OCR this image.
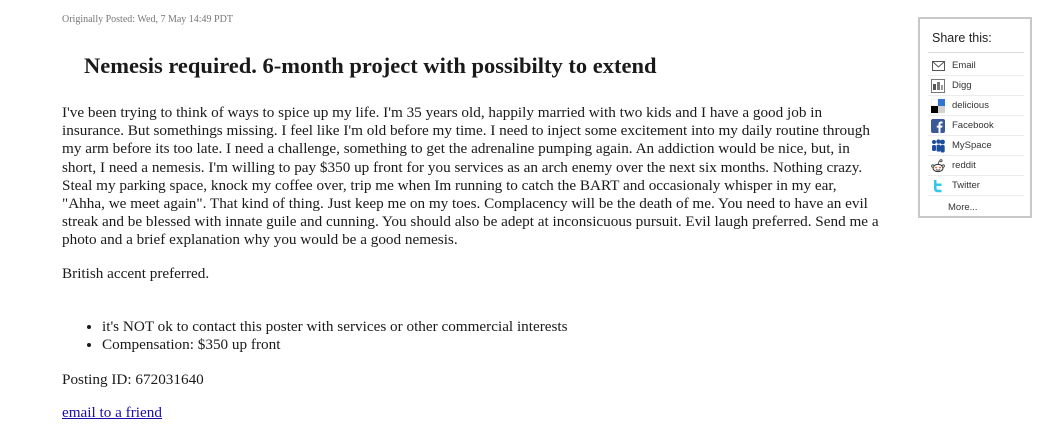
Originally Posted: Wed, 7 May 14:49 PDT
Nemesis required. 6-month project with possibilty to extend

I've been trying to think of ways to spice up my life. I'm 35 years old, happily married with two kids and I have a good job in
insurance. But somethings missing. I feel like I'm old before my time. I need to inject some excitement into my daily routine through
my arm before its too late. I need a challenge, something to get the adrenaline pumping again. An addiction would be nice, but, in
short, I need a nemesis. I'm willing to pay $350 up front for you services as an arch enemy over the next six months. Nothing crazy.
Steal my parking space, knock my coffee over, trip me when Im running to catch the BART and occasionaly whisper in my ear,
"Ahha, we meet again". That kind of thing. Just keep me on my toes. Complacency will be the death of me. You need to have an evil
streak and be blessed with innate guile and cunning. You should also be adept at inconsicuous pursuit. Evil laugh preferred. Send me a
photo and a brief explanation why you would be a good nemesis.

British accent preferred.
• it's NOT ok to contact this poster with services or other commercial interests
• Compensation: $350 up front
Posting ID: 672031640
email to a friend
Share this:
Email
Digg
delicious
Facebook
MySpace
reddit
Twitter
More...
